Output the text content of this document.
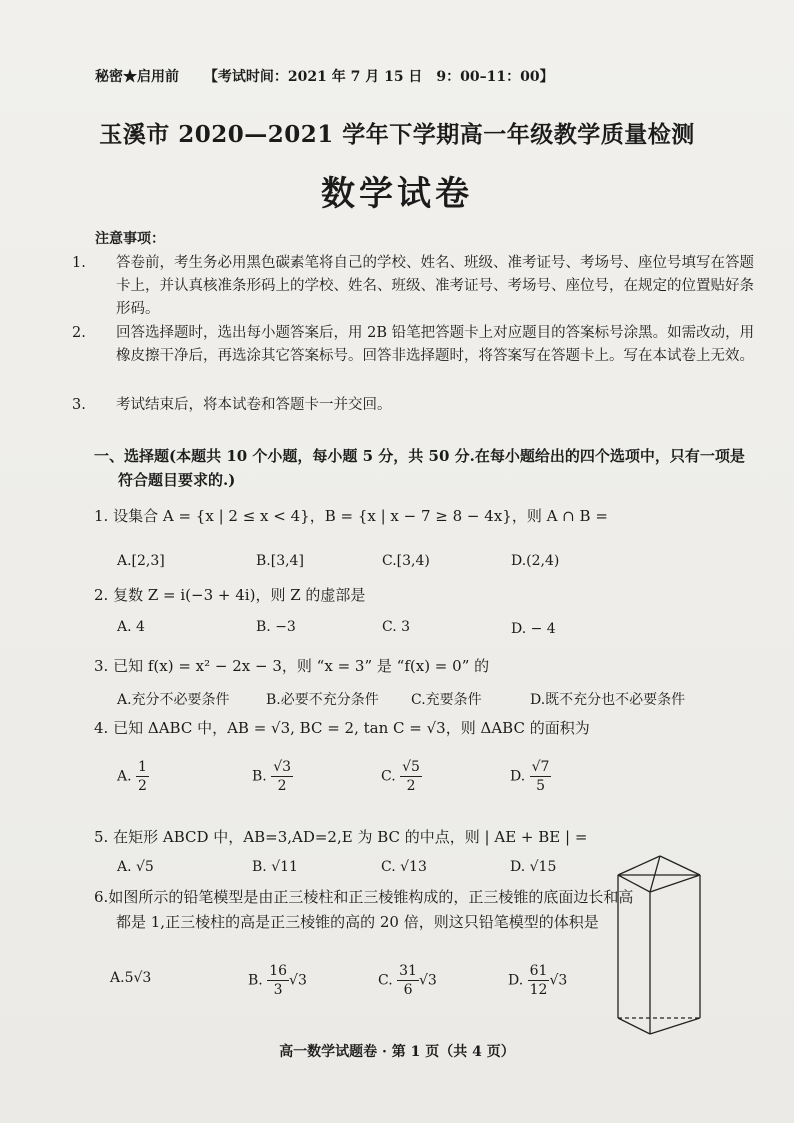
秘密★启用前 【考试时间：2021 年 7 月 15 日　9：00–11：00】
玉溪市 2020—2021 学年下学期高一年级教学质量检测
数学试卷
注意事项：
1. 答卷前，考生务必用黑色碳素笔将自己的学校、姓名、班级、准考证号、考场号、座位号填写在答题卡上，并认真核准条形码上的学校、姓名、班级、准考证号、考场号、座位号，在规定的位置贴好条形码。
2. 回答选择题时，选出每小题答案后，用 2B 铅笔把答题卡上对应题目的答案标号涂黑。如需改动，用橡皮擦干净后，再选涂其它答案标号。回答非选择题时，将答案写在答题卡上。写在本试卷上无效。
3. 考试结束后，将本试卷和答题卡一并交回。
一、选择题(本题共 10 个小题，每小题 5 分，共 50 分.在每小题给出的四个选项中，只有一项是符合题目要求的.)
1. 设集合 A = {x | 2 ≤ x < 4}，B = {x | x − 7 ≥ 8 − 4x}，则 A ∩ B =
A.[2,3]	B.[3,4]	C.[3,4)	D.(2,4)
2. 复数 Z = i(−3 + 4i)，则 Z 的虚部是
A. 4	B. −3	C. 3	D. − 4
3. 已知 f(x) = x² − 2x − 3，则 “x = 3” 是 “f(x) = 0” 的
A.充分不必要条件	B.必要不充分条件 C.充要条件	D.既不充分也不必要条件
4. 已知 ΔABC 中，AB = √3, BC = 2, tan C = √3，则 ΔABC 的面积为
A. $\frac{1}{2}$	B. $\frac{√3}{2}$	C. $\frac{√5}{2}$	D. $\frac{√7}{5}$
5. 在矩形 ABCD 中，AB=3,AD=2,E 为 BC 的中点，则 | AE + BE | =
A. √5	B. √11	C. √13	D. √15
6.如图所示的铅笔模型是由正三棱柱和正三棱锥构成的，正三棱锥的底面边长和高都是 1,正三棱柱的高是正三棱锥的高的 20 倍，则这只铅笔模型的体积是
A.5√3	B. $\frac{16}{3} √3$	C. $\frac{31}{6} √3$	D. $\frac{61}{12} √3$
高一数学试题卷 · 第 1 页（共 4 页）
